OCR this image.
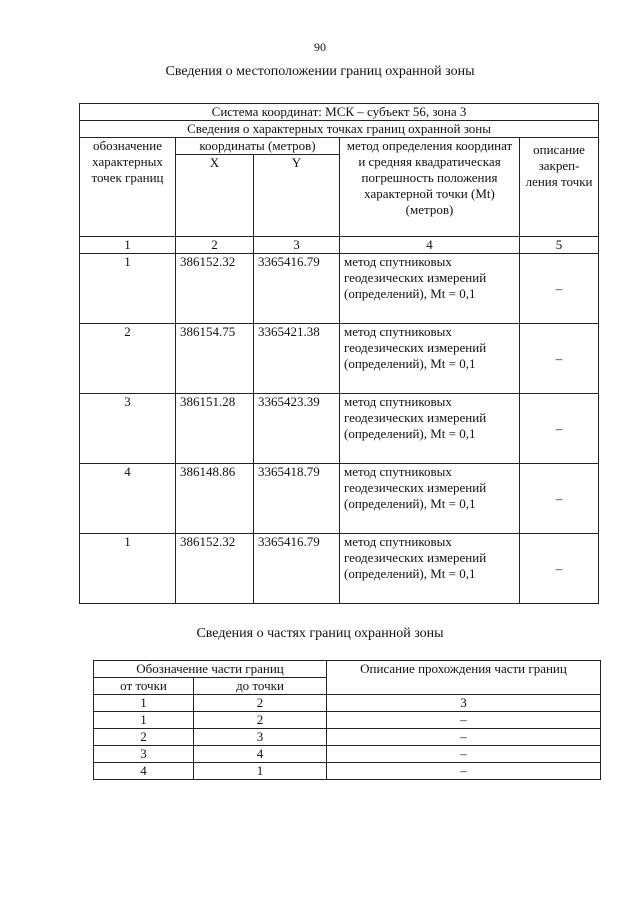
90
Сведения о местоположении границ охранной зоны
Система координат: МСК – субъект 56, зона 3				
Сведения о характерных точках границ охранной зоны				
обозначение характерных точек границ	координаты (метров)		метод определения координат и средняя квадратическая погрешность положения характерной точки (Mt) (метров)	описание закреп-ления точки
	X	Y		
1	2	3	4	5
1	386152.32	3365416.79	метод спутниковых геодезических измерений (определений), Mt = 0,1	–
2	386154.75	3365421.38	метод спутниковых геодезических измерений (определений), Mt = 0,1	–
3	386151.28	3365423.39	метод спутниковых геодезических измерений (определений), Mt = 0,1	–
4	386148.86	3365418.79	метод спутниковых геодезических измерений (определений), Mt = 0,1	–
1	386152.32	3365416.79	метод спутниковых геодезических измерений (определений), Mt = 0,1	–
Сведения о частях границ охранной зоны
Обозначение части границ		Описание прохождения части границ
от точки	до точки	
1	2	3
1	2	–
2	3	–
3	4	–
4	1	–
